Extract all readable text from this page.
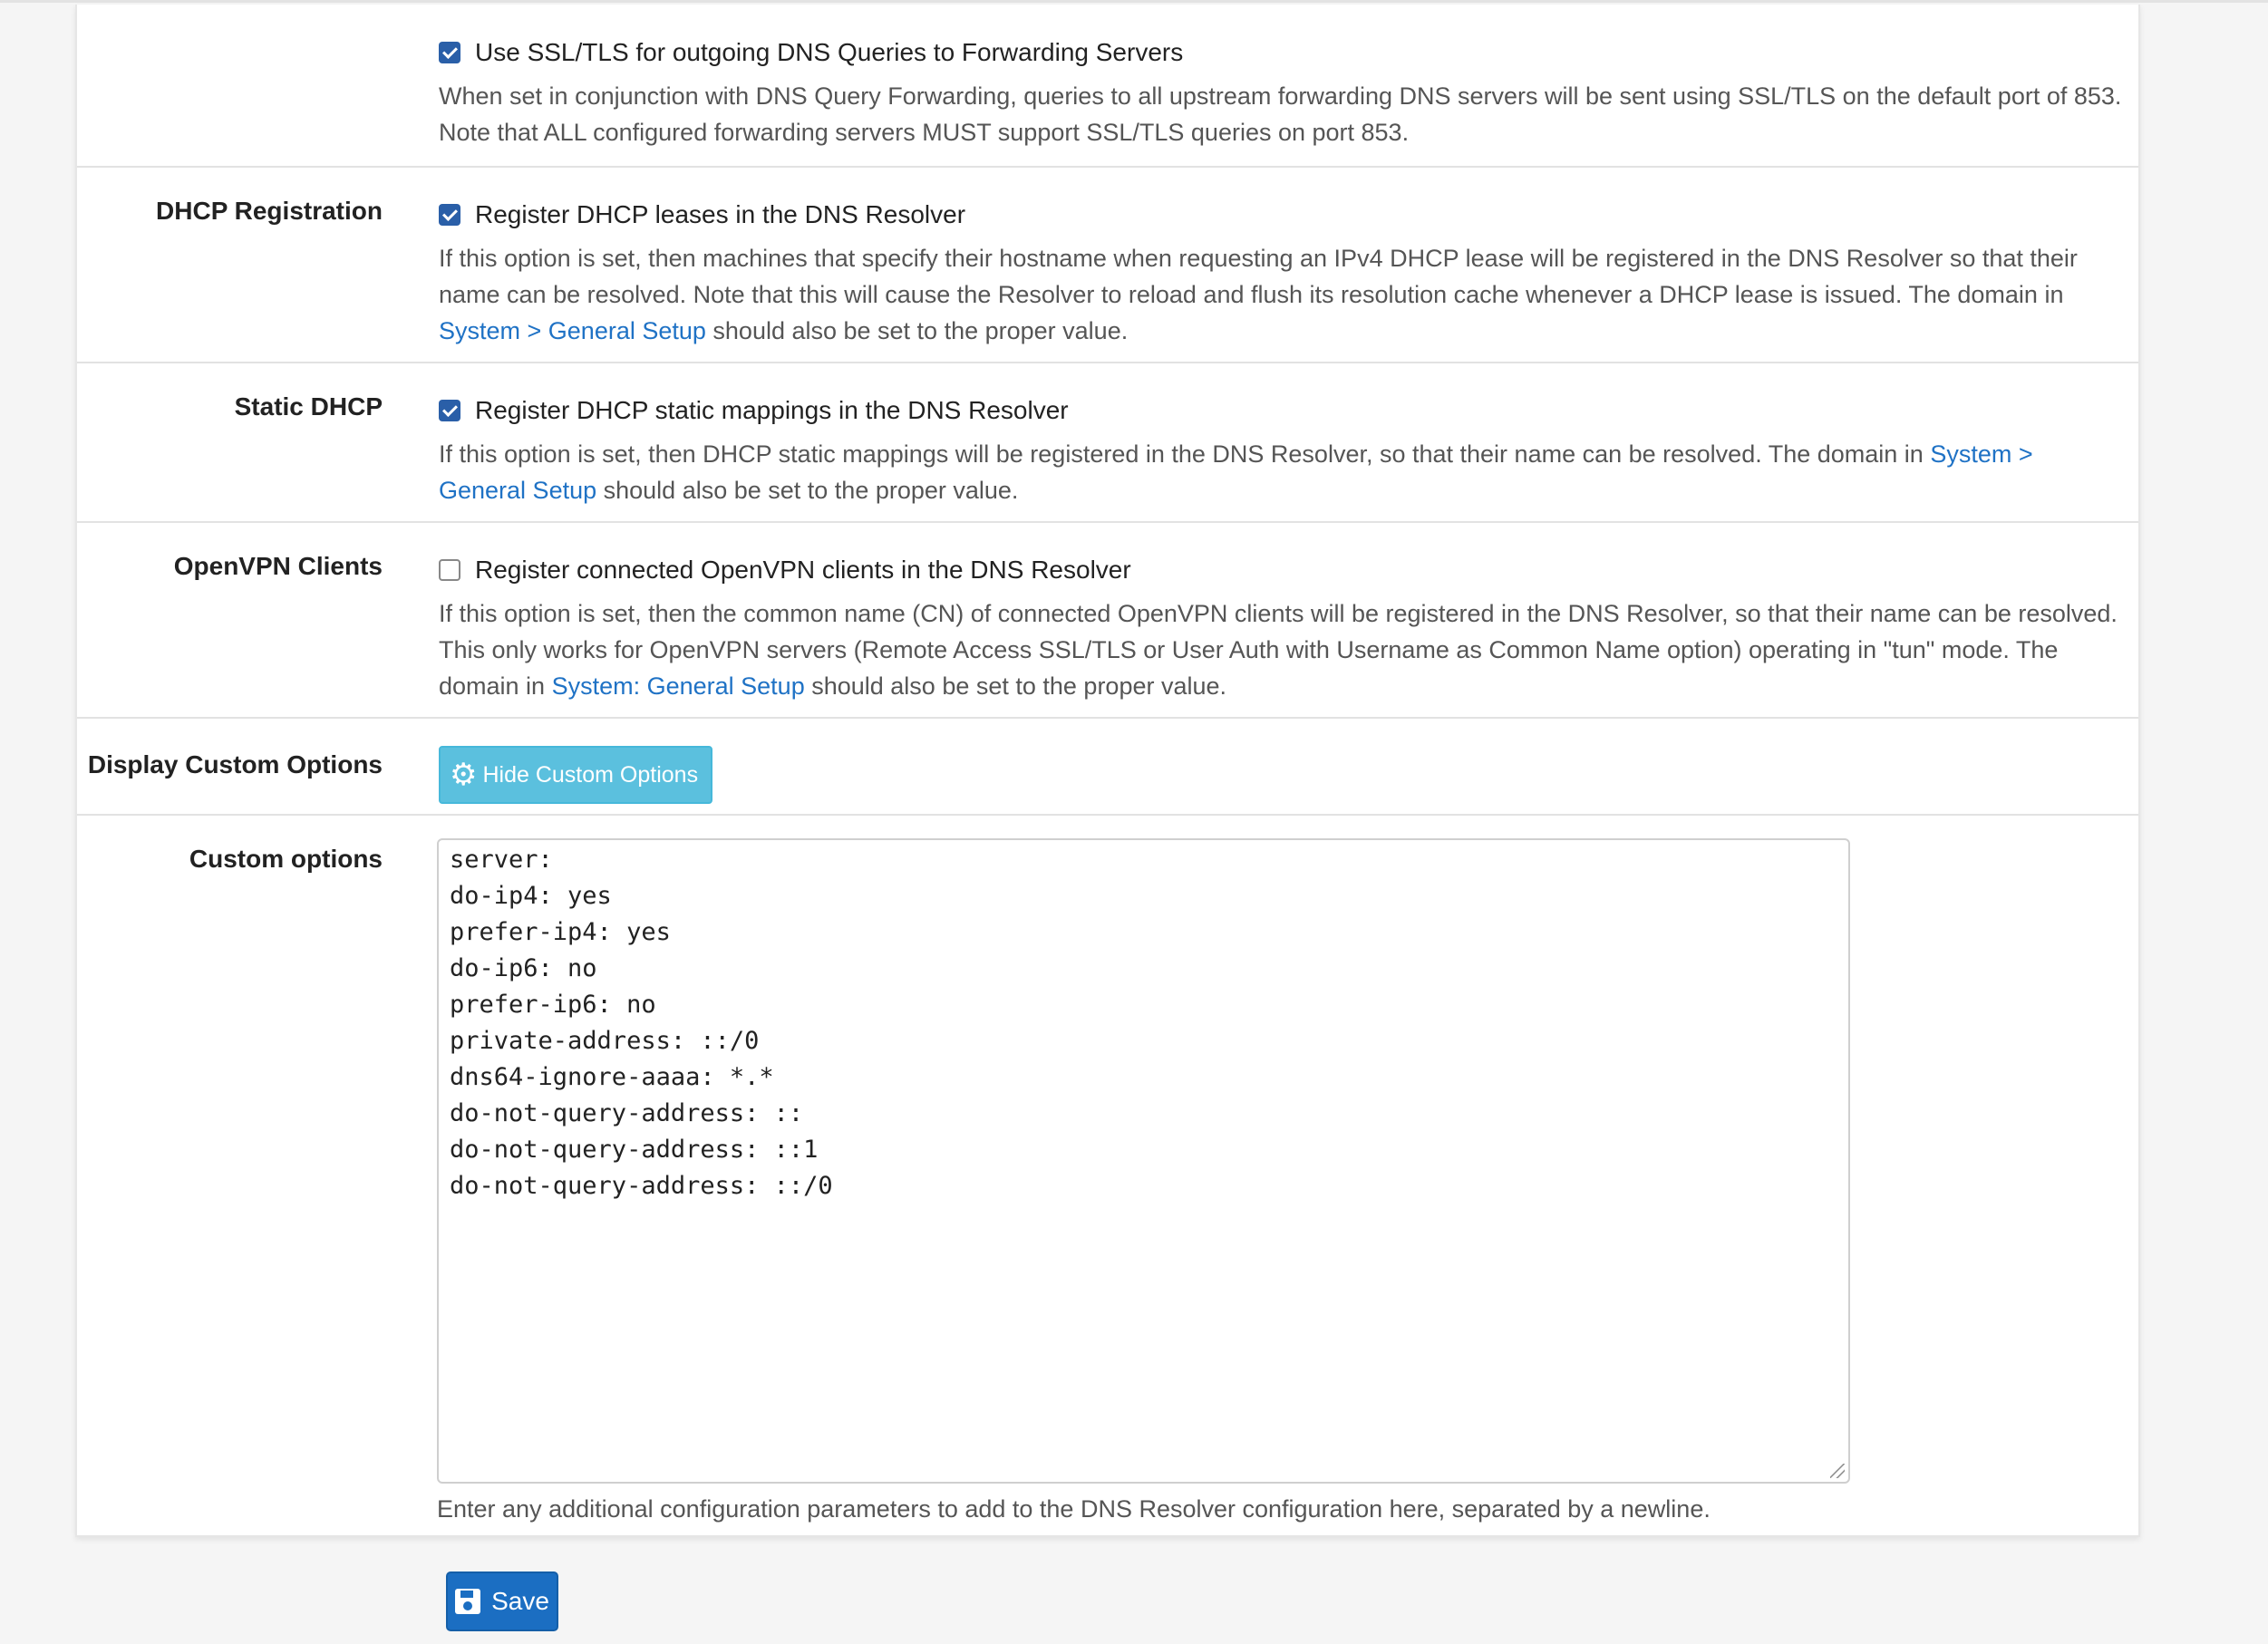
Use SSL/TLS for outgoing DNS Queries to Forwarding Servers
When set in conjunction with DNS Query Forwarding, queries to all upstream forwarding DNS servers will be sent using SSL/TLS on the default port of 853. Note that ALL configured forwarding servers MUST support SSL/TLS queries on port 853.
DHCP Registration	Register DHCP leases in the DNS Resolver
If this option is set, then machines that specify their hostname when requesting an IPv4 DHCP lease will be registered in the DNS Resolver so that their name can be resolved. Note that this will cause the Resolver to reload and flush its resolution cache whenever a DHCP lease is issued. The domain in System > General Setup should also be set to the proper value.
Static DHCP	Register DHCP static mappings in the DNS Resolver
If this option is set, then DHCP static mappings will be registered in the DNS Resolver, so that their name can be resolved. The domain in System > General Setup should also be set to the proper value.
OpenVPN Clients	Register connected OpenVPN clients in the DNS Resolver
If this option is set, then the common name (CN) of connected OpenVPN clients will be registered in the DNS Resolver, so that their name can be resolved. This only works for OpenVPN servers (Remote Access SSL/TLS or User Auth with Username as Common Name option) operating in "tun" mode. The domain in System: General Setup should also be set to the proper value.
Display Custom Options ⚙ Hide Custom Options
Custom options	server:
do-ip4: yes
prefer-ip4: yes
do-ip6: no
prefer-ip6: no
private-address: ::/0
dns64-ignore-aaaa: *.*
do-not-query-address: ::
do-not-query-address: ::1
do-not-query-address: ::/0
Enter any additional configuration parameters to add to the DNS Resolver configuration here, separated by a newline.
Save
